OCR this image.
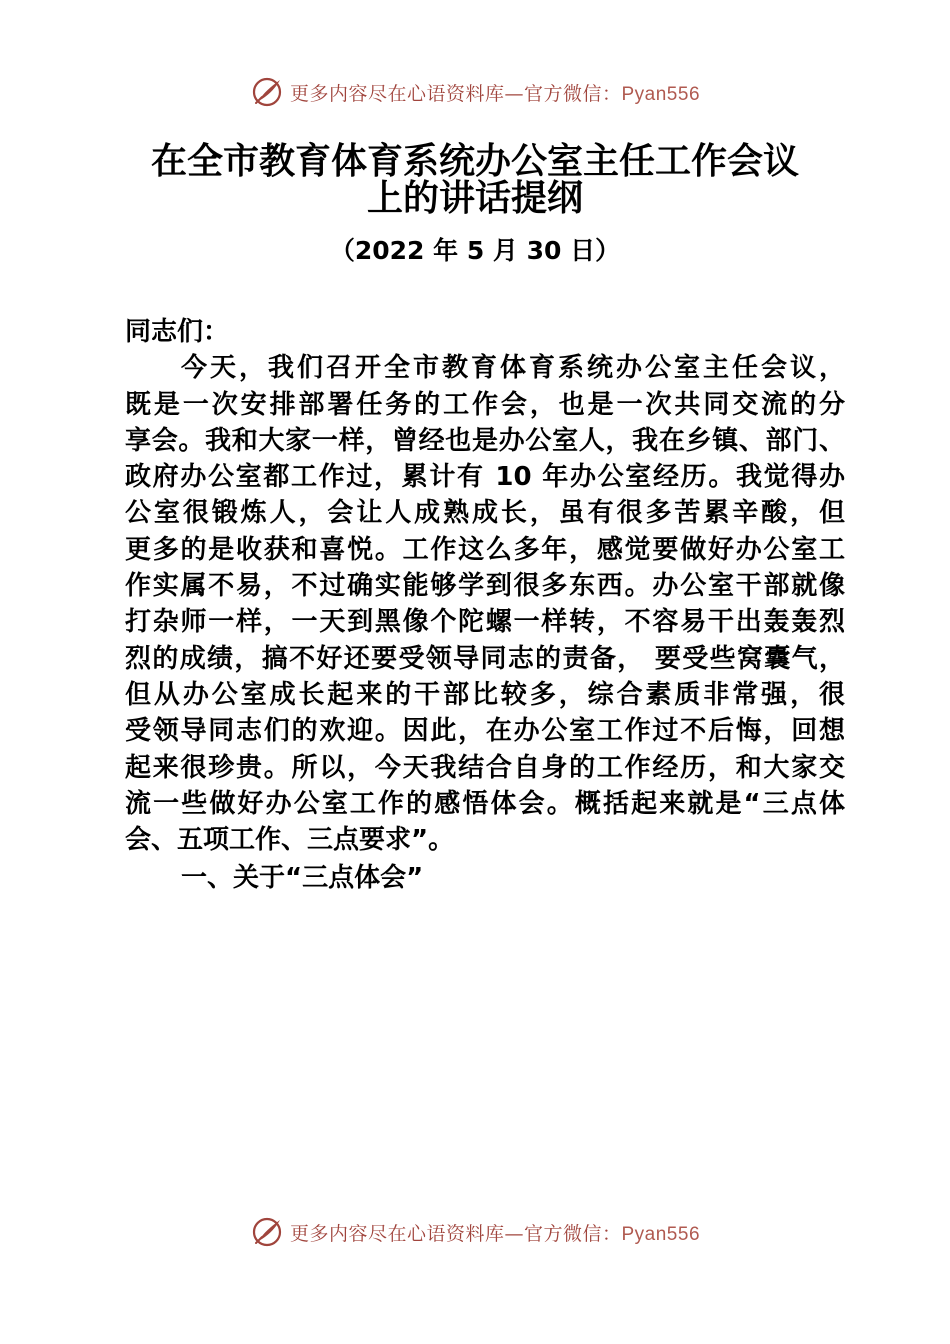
更多内容尽在心语资料库—官方微信：Pyan556
在全市教育体育系统办公室主任工作会议
上的讲话提纲
（2022 年 5 月 30 日）
同志们：
今天，我们召开全市教育体育系统办公室主任会议，
既是一次安排部署任务的工作会，也是一次共同交流的分
享会。我和大家一样，曾经也是办公室人，我在乡镇、部门、
政府办公室都工作过，累计有 10 年办公室经历。我觉得办
公室很锻炼人，会让人成熟成长，虽有很多苦累辛酸，但
更多的是收获和喜悦。工作这么多年，感觉要做好办公室工
作实属不易，不过确实能够学到很多东西。办公室干部就像
打杂师一样，一天到黑像个陀螺一样转，不容易干出轰轰烈
烈的成绩，搞不好还要受领导同志的责备， 要受些窝囊气，
但从办公室成长起来的干部比较多，综合素质非常强，很
受领导同志们的欢迎。因此，在办公室工作过不后悔，回想
起来很珍贵。所以，今天我结合自身的工作经历，和大家交
流一些做好办公室工作的感悟体会。概括起来就是“三点体
会、五项工作、三点要求”。
一、关于“三点体会”
更多内容尽在心语资料库—官方微信：Pyan556
